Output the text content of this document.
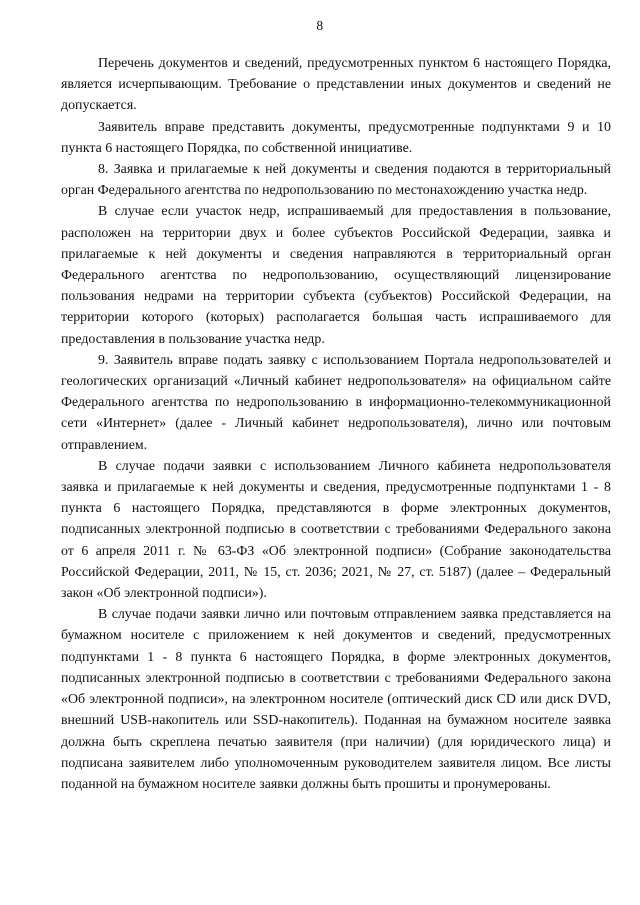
8

Перечень документов и сведений, предусмотренных пунктом 6 настоящего Порядка, является исчерпывающим. Требование о представлении иных документов и сведений не допускается.

Заявитель вправе представить документы, предусмотренные подпунктами 9 и 10 пункта 6 настоящего Порядка, по собственной инициативе.

8. Заявка и прилагаемые к ней документы и сведения подаются в территориальный орган Федерального агентства по недропользованию по местонахождению участка недр.

В случае если участок недр, испрашиваемый для предоставления в пользование, расположен на территории двух и более субъектов Российской Федерации, заявка и прилагаемые к ней документы и сведения направляются в территориальный орган Федерального агентства по недропользованию, осуществляющий лицензирование пользования недрами на территории субъекта (субъектов) Российской Федерации, на территории которого (которых) располагается большая часть испрашиваемого для предоставления в пользование участка недр.

9. Заявитель вправе подать заявку с использованием Портала недропользователей и геологических организаций «Личный кабинет недропользователя» на официальном сайте Федерального агентства по недропользованию в информационно-телекоммуникационной сети «Интернет» (далее - Личный кабинет недропользователя), лично или почтовым отправлением.

В случае подачи заявки с использованием Личного кабинета недропользователя заявка и прилагаемые к ней документы и сведения, предусмотренные подпунктами 1 - 8 пункта 6 настоящего Порядка, представляются в форме электронных документов, подписанных электронной подписью в соответствии с требованиями Федерального закона от 6 апреля 2011 г. № 63-ФЗ «Об электронной подписи» (Собрание законодательства Российской Федерации, 2011, № 15, ст. 2036; 2021, № 27, ст. 5187) (далее – Федеральный закон «Об электронной подписи»).

В случае подачи заявки лично или почтовым отправлением заявка представляется на бумажном носителе с приложением к ней документов и сведений, предусмотренных подпунктами 1 - 8 пункта 6 настоящего Порядка, в форме электронных документов, подписанных электронной подписью в соответствии с требованиями Федерального закона «Об электронной подписи», на электронном носителе (оптический диск CD или диск DVD, внешний USB-накопитель или SSD-накопитель). Поданная на бумажном носителе заявка должна быть скреплена печатью заявителя (при наличии) (для юридического лица) и подписана заявителем либо уполномоченным руководителем заявителя лицом. Все листы поданной на бумажном носителе заявки должны быть прошиты и пронумерованы.
